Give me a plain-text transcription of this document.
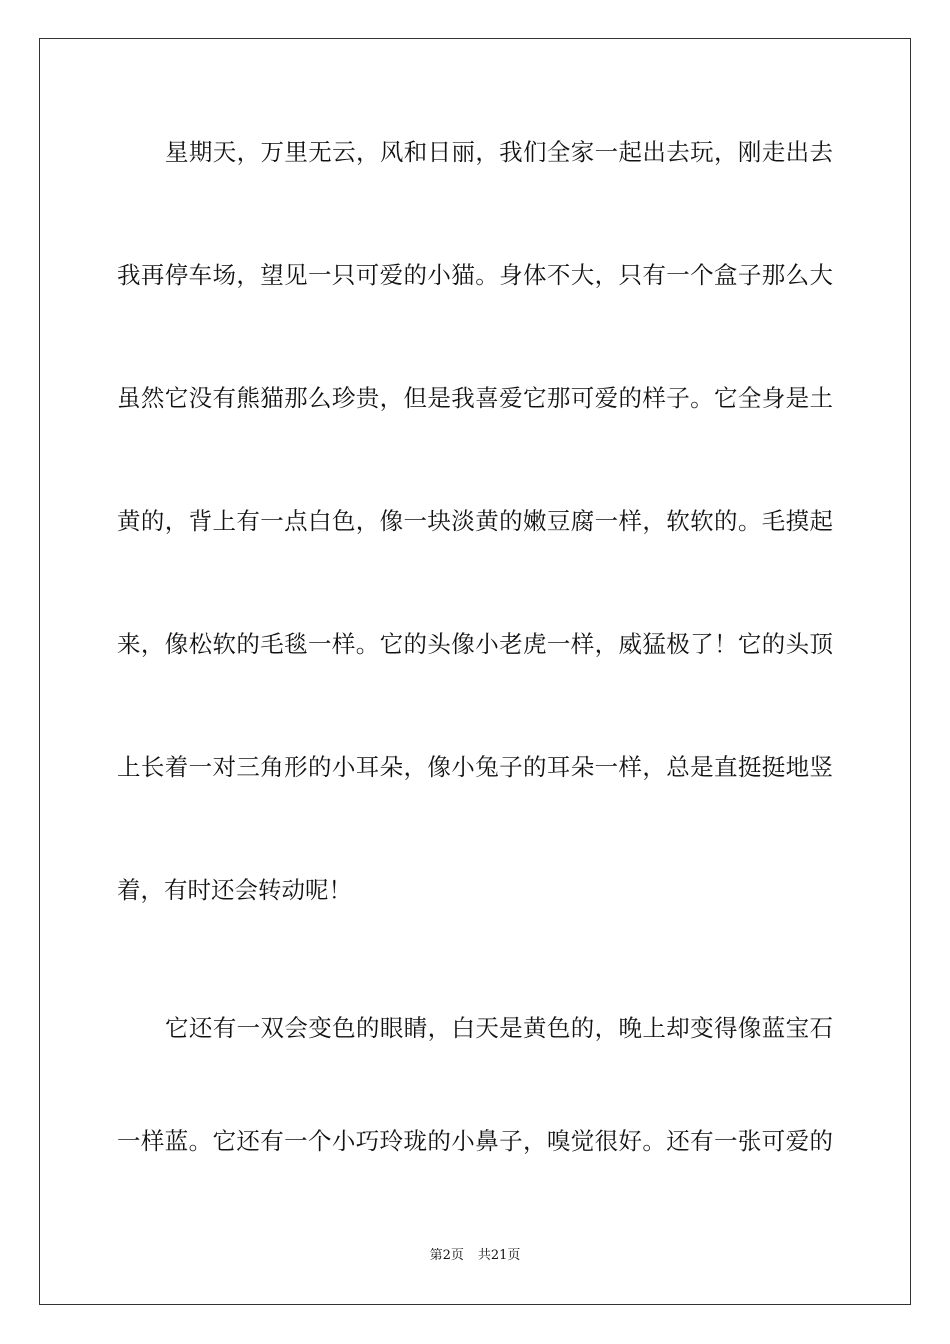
星期天，万里无云，风和日丽，我们全家一起出去玩，刚走出去
我再停车场，望见一只可爱的小猫。身体不大，只有一个盒子那么大
虽然它没有熊猫那么珍贵，但是我喜爱它那可爱的样子。它全身是土
黄的，背上有一点白色，像一块淡黄的嫩豆腐一样，软软的。毛摸起
来，像松软的毛毯一样。它的头像小老虎一样，威猛极了！它的头顶
上长着一对三角形的小耳朵，像小兔子的耳朵一样，总是直挺挺地竖
着，有时还会转动呢！
它还有一双会变色的眼睛，白天是黄色的，晚上却变得像蓝宝石
一样蓝。它还有一个小巧玲珑的小鼻子，嗅觉很好。还有一张可爱的
第2页 共21页
